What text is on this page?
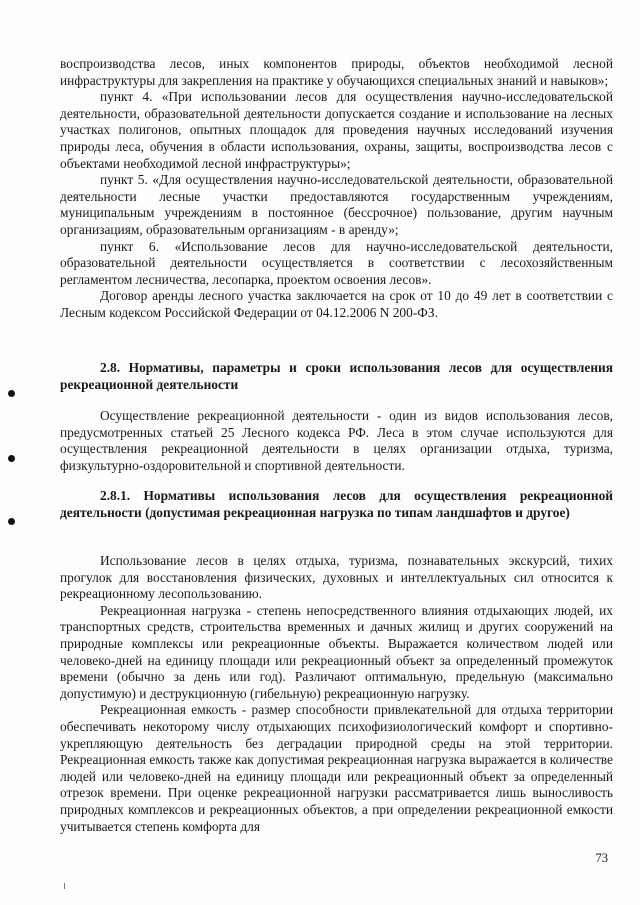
воспроизводства лесов, иных компонентов природы, объектов необходимой лесной инфраструктуры для закрепления на практике у обучающихся специальных знаний и навыков»;

пункт 4. «При использовании лесов для осуществления научно-исследовательской деятельности, образовательной деятельности допускается создание и использование на лесных участках полигонов, опытных площадок для проведения научных исследований изучения природы леса, обучения в области использования, охраны, защиты, воспроизводства лесов с объектами необходимой лесной инфраструктуры»;

пункт 5. «Для осуществления научно-исследовательской деятельности, образовательной деятельности лесные участки предоставляются государственным учреждениям, муниципальным учреждениям в постоянное (бессрочное) пользование, другим научным организациям, образовательным организациям - в аренду»;

пункт 6. «Использование лесов для научно-исследовательской деятельности, образовательной деятельности осуществляется в соответствии с лесохозяйственным регламентом лесничества, лесопарка, проектом освоения лесов».

Договор аренды лесного участка заключается на срок от 10 до 49 лет в соответствии с Лесным кодексом Российской Федерации от 04.12.2006 N 200-ФЗ.

2.8. Нормативы, параметры и сроки использования лесов для осуществления рекреационной деятельности

Осуществление рекреационной деятельности - один из видов использования лесов, предусмотренных статьей 25 Лесного кодекса РФ. Леса в этом случае используются для осуществления рекреационной деятельности в целях организации отдыха, туризма, физкультурно-оздоровительной и спортивной деятельности.

2.8.1. Нормативы использования лесов для осуществления рекреационной деятельности (допустимая рекреационная нагрузка по типам ландшафтов и другое)

Использование лесов в целях отдыха, туризма, познавательных экскурсий, тихих прогулок для восстановления физических, духовных и интеллектуальных сил относится к рекреационному лесопользованию.

Рекреационная нагрузка - степень непосредственного влияния отдыхающих людей, их транспортных средств, строительства временных и дачных жилищ и других сооружений на природные комплексы или рекреационные объекты. Выражается количеством людей или человеко-дней на единицу площади или рекреационный объект за определенный промежуток времени (обычно за день или год). Различают оптимальную, предельную (максимально допустимую) и деструкционную (гибельную) рекреационную нагрузку.

Рекреационная емкость - размер способности привлекательной для отдыха территории обеспечивать некоторому числу отдыхающих психофизиологический комфорт и спортивно-укрепляющую деятельность без деградации природной среды на этой территории. Рекреационная емкость также как допустимая рекреационная нагрузка выражается в количестве людей или человеко-дней на единицу площади или рекреационный объект за определенный отрезок времени. При оценке рекреационной нагрузки рассматривается лишь выносливость природных комплексов и рекреационных объектов, а при определении рекреационной емкости учитывается степень комфорта для

73
